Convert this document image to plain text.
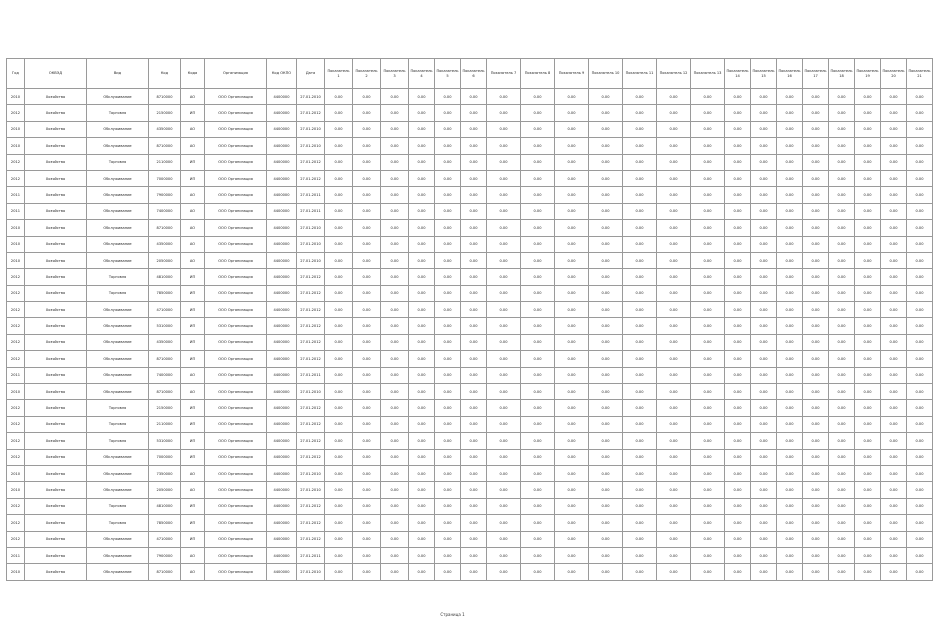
Год	ОКВЭД	Вид	Код	Кода	Организация	Код ОКПО	Дата	Показатель 1	Показатель 2	Показатель 3	Показатель 4	Показатель 5	Показатель 6	Показатель 7	Показатель 8	Показатель 9	Показатель 10	Показатель 11	Показатель 12	Показатель 13	Показатель 14	Показатель 15	Показатель 16	Показатель 17	Показатель 18	Показатель 19	Показатель 20	Показатель 21
2010	Хозяйство	Обслуживание	8710000	АО	ООО Организация	4400000	27.01.2010	0.00	0.00	0.00	0.00	0.00	0.00	0.00	0.00	0.00	0.00	0.00	0.00	0.00	0.00	0.00	0.00	0.00	0.00	0.00	0.00	0.00
2012	Хозяйство	Торговля	2150000	ИП	ООО Организация	4400000	27.01.2012	0.00	0.00	0.00	0.00	0.00	0.00	0.00	0.00	0.00	0.00	0.00	0.00	0.00	0.00	0.00	0.00	0.00	0.00	0.00	0.00	0.00
2010	Хозяйство	Обслуживание	4350000	АО	ООО Организация	4400000	27.01.2010	0.00	0.00	0.00	0.00	0.00	0.00	0.00	0.00	0.00	0.00	0.00	0.00	0.00	0.00	0.00	0.00	0.00	0.00	0.00	0.00	0.00
2010	Хозяйство	Обслуживание	8710000	АО	ООО Организация	4400000	27.01.2010	0.00	0.00	0.00	0.00	0.00	0.00	0.00	0.00	0.00	0.00	0.00	0.00	0.00	0.00	0.00	0.00	0.00	0.00	0.00	0.00	0.00
2012	Хозяйство	Торговля	2110000	ИП	ООО Организация	4400000	27.01.2012	0.00	0.00	0.00	0.00	0.00	0.00	0.00	0.00	0.00	0.00	0.00	0.00	0.00	0.00	0.00	0.00	0.00	0.00	0.00	0.00	0.00
2012	Хозяйство	Обслуживание	7000000	ИП	ООО Организация	4400000	27.01.2012	0.00	0.00	0.00	0.00	0.00	0.00	0.00	0.00	0.00	0.00	0.00	0.00	0.00	0.00	0.00	0.00	0.00	0.00	0.00	0.00	0.00
2011	Хозяйство	Обслуживание	7900000	АО	ООО Организация	4400000	27.01.2011	0.00	0.00	0.00	0.00	0.00	0.00	0.00	0.00	0.00	0.00	0.00	0.00	0.00	0.00	0.00	0.00	0.00	0.00	0.00	0.00	0.00
2011	Хозяйство	Обслуживание	7400000	АО	ООО Организация	4400000	27.01.2011	0.00	0.00	0.00	0.00	0.00	0.00	0.00	0.00	0.00	0.00	0.00	0.00	0.00	0.00	0.00	0.00	0.00	0.00	0.00	0.00	0.00
2010	Хозяйство	Обслуживание	8710000	АО	ООО Организация	4400000	27.01.2010	0.00	0.00	0.00	0.00	0.00	0.00	0.00	0.00	0.00	0.00	0.00	0.00	0.00	0.00	0.00	0.00	0.00	0.00	0.00	0.00	0.00
2010	Хозяйство	Обслуживание	4350000	АО	ООО Организация	4400000	27.01.2010	0.00	0.00	0.00	0.00	0.00	0.00	0.00	0.00	0.00	0.00	0.00	0.00	0.00	0.00	0.00	0.00	0.00	0.00	0.00	0.00	0.00
2010	Хозяйство	Обслуживание	2050000	АО	ООО Организация	4400000	27.01.2010	0.00	0.00	0.00	0.00	0.00	0.00	0.00	0.00	0.00	0.00	0.00	0.00	0.00	0.00	0.00	0.00	0.00	0.00	0.00	0.00	0.00
2012	Хозяйство	Торговля	4810000	ИП	ООО Организация	4400000	27.01.2012	0.00	0.00	0.00	0.00	0.00	0.00	0.00	0.00	0.00	0.00	0.00	0.00	0.00	0.00	0.00	0.00	0.00	0.00	0.00	0.00	0.00
2012	Хозяйство	Торговля	7850000	ИП	ООО Организация	4400000	27.01.2012	0.00	0.00	0.00	0.00	0.00	0.00	0.00	0.00	0.00	0.00	0.00	0.00	0.00	0.00	0.00	0.00	0.00	0.00	0.00	0.00	0.00
2012	Хозяйство	Обслуживание	4710000	ИП	ООО Организация	4400000	27.01.2012	0.00	0.00	0.00	0.00	0.00	0.00	0.00	0.00	0.00	0.00	0.00	0.00	0.00	0.00	0.00	0.00	0.00	0.00	0.00	0.00	0.00
2012	Хозяйство	Обслуживание	5310000	ИП	ООО Организация	4400000	27.01.2012	0.00	0.00	0.00	0.00	0.00	0.00	0.00	0.00	0.00	0.00	0.00	0.00	0.00	0.00	0.00	0.00	0.00	0.00	0.00	0.00	0.00
2012	Хозяйство	Обслуживание	4350000	ИП	ООО Организация	4400000	27.01.2012	0.00	0.00	0.00	0.00	0.00	0.00	0.00	0.00	0.00	0.00	0.00	0.00	0.00	0.00	0.00	0.00	0.00	0.00	0.00	0.00	0.00
2012	Хозяйство	Обслуживание	8710000	ИП	ООО Организация	4400000	27.01.2012	0.00	0.00	0.00	0.00	0.00	0.00	0.00	0.00	0.00	0.00	0.00	0.00	0.00	0.00	0.00	0.00	0.00	0.00	0.00	0.00	0.00
2011	Хозяйство	Обслуживание	7400000	АО	ООО Организация	4400000	27.01.2011	0.00	0.00	0.00	0.00	0.00	0.00	0.00	0.00	0.00	0.00	0.00	0.00	0.00	0.00	0.00	0.00	0.00	0.00	0.00	0.00	0.00
2010	Хозяйство	Обслуживание	8710000	АО	ООО Организация	4400000	27.01.2010	0.00	0.00	0.00	0.00	0.00	0.00	0.00	0.00	0.00	0.00	0.00	0.00	0.00	0.00	0.00	0.00	0.00	0.00	0.00	0.00	0.00
2012	Хозяйство	Торговля	2150000	ИП	ООО Организация	4400000	27.01.2012	0.00	0.00	0.00	0.00	0.00	0.00	0.00	0.00	0.00	0.00	0.00	0.00	0.00	0.00	0.00	0.00	0.00	0.00	0.00	0.00	0.00
2012	Хозяйство	Торговля	2110000	ИП	ООО Организация	4400000	27.01.2012	0.00	0.00	0.00	0.00	0.00	0.00	0.00	0.00	0.00	0.00	0.00	0.00	0.00	0.00	0.00	0.00	0.00	0.00	0.00	0.00	0.00
2012	Хозяйство	Торговля	5310000	ИП	ООО Организация	4400000	27.01.2012	0.00	0.00	0.00	0.00	0.00	0.00	0.00	0.00	0.00	0.00	0.00	0.00	0.00	0.00	0.00	0.00	0.00	0.00	0.00	0.00	0.00
2012	Хозяйство	Обслуживание	7000000	ИП	ООО Организация	4400000	27.01.2012	0.00	0.00	0.00	0.00	0.00	0.00	0.00	0.00	0.00	0.00	0.00	0.00	0.00	0.00	0.00	0.00	0.00	0.00	0.00	0.00	0.00
2010	Хозяйство	Обслуживание	7350000	АО	ООО Организация	4400000	27.01.2010	0.00	0.00	0.00	0.00	0.00	0.00	0.00	0.00	0.00	0.00	0.00	0.00	0.00	0.00	0.00	0.00	0.00	0.00	0.00	0.00	0.00
2010	Хозяйство	Обслуживание	2050000	АО	ООО Организация	4400000	27.01.2010	0.00	0.00	0.00	0.00	0.00	0.00	0.00	0.00	0.00	0.00	0.00	0.00	0.00	0.00	0.00	0.00	0.00	0.00	0.00	0.00	0.00
2012	Хозяйство	Торговля	4810000	ИП	ООО Организация	4400000	27.01.2012	0.00	0.00	0.00	0.00	0.00	0.00	0.00	0.00	0.00	0.00	0.00	0.00	0.00	0.00	0.00	0.00	0.00	0.00	0.00	0.00	0.00
2012	Хозяйство	Торговля	7850000	ИП	ООО Организация	4400000	27.01.2012	0.00	0.00	0.00	0.00	0.00	0.00	0.00	0.00	0.00	0.00	0.00	0.00	0.00	0.00	0.00	0.00	0.00	0.00	0.00	0.00	0.00
2012	Хозяйство	Обслуживание	4710000	ИП	ООО Организация	4400000	27.01.2012	0.00	0.00	0.00	0.00	0.00	0.00	0.00	0.00	0.00	0.00	0.00	0.00	0.00	0.00	0.00	0.00	0.00	0.00	0.00	0.00	0.00
2011	Хозяйство	Обслуживание	7900000	АО	ООО Организация	4400000	27.01.2011	0.00	0.00	0.00	0.00	0.00	0.00	0.00	0.00	0.00	0.00	0.00	0.00	0.00	0.00	0.00	0.00	0.00	0.00	0.00	0.00	0.00
2010	Хозяйство	Обслуживание	8710000	АО	ООО Организация	4400000	27.01.2010	0.00	0.00	0.00	0.00	0.00	0.00	0.00	0.00	0.00	0.00	0.00	0.00	0.00	0.00	0.00	0.00	0.00	0.00	0.00	0.00	0.00
Страница 1
